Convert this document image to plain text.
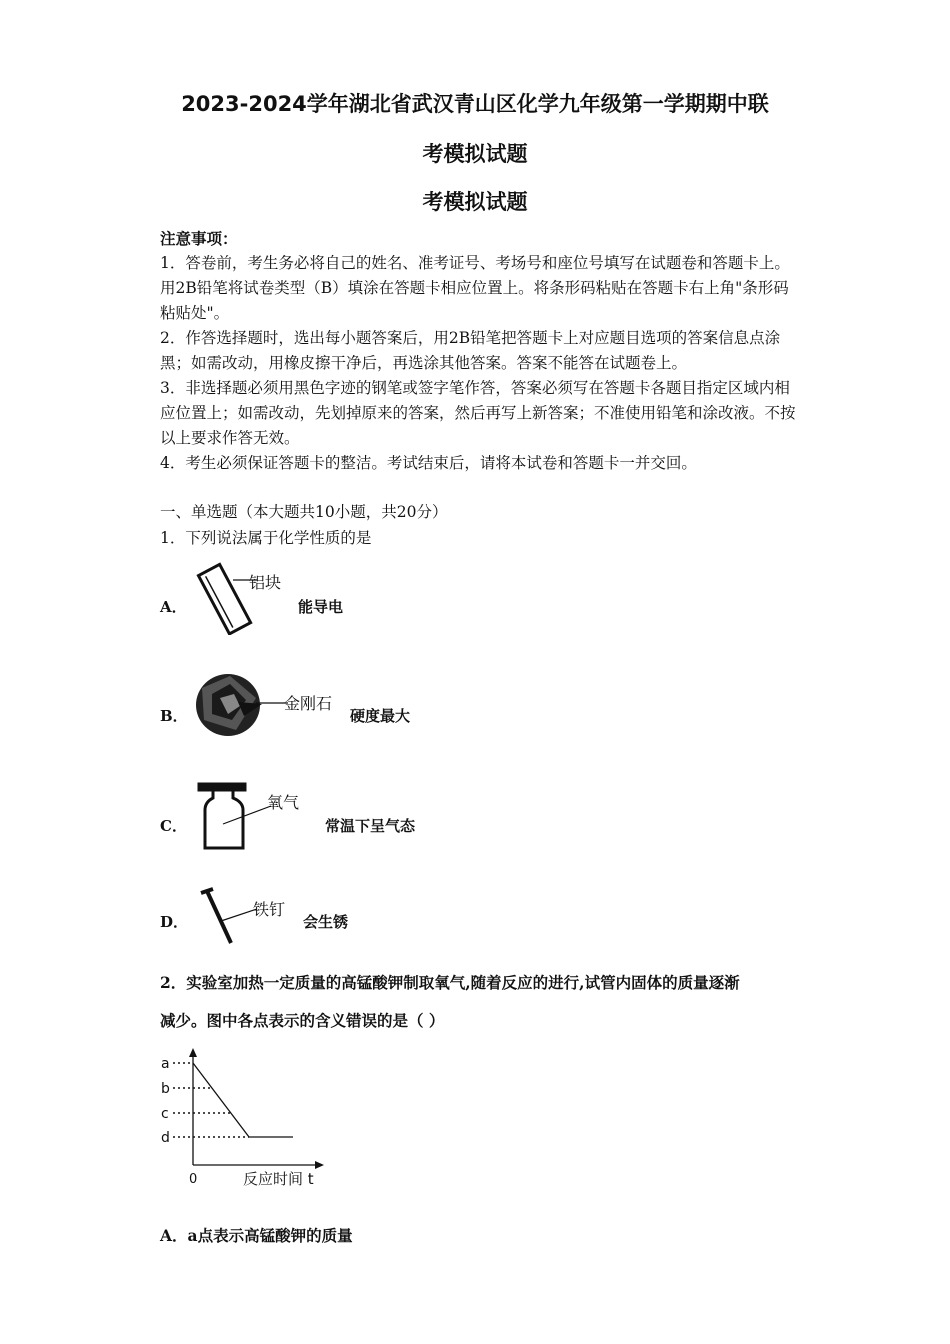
2023-2024学年湖北省武汉青山区化学九年级第一学期期中联
考模拟试题
考模拟试题

注意事项：

1．答卷前，考生务必将自己的姓名、准考证号、考场号和座位号填写在试题卷和答题卡上。用2B铅笔将试卷类型（B）填涂在答题卡相应位置上。将条形码粘贴在答题卡右上角"条形码粘贴处"。

2．作答选择题时，选出每小题答案后，用2B铅笔把答题卡上对应题目选项的答案信息点涂黑；如需改动，用橡皮擦干净后，再选涂其他答案。答案不能答在试题卷上。

3．非选择题必须用黑色字迹的钢笔或签字笔作答，答案必须写在答题卡各题目指定区域内相应位置上；如需改动，先划掉原来的答案，然后再写上新答案；不准使用铅笔和涂改液。不按以上要求作答无效。

4．考生必须保证答题卡的整洁。考试结束后，请将本试卷和答题卡一并交回。

一、单选题（本大题共10小题，共20分）
1．下列说法属于化学性质的是
A．
铝块
能导电
B．
金刚石
硬度最大
C．
氧气
常温下呈气态
D．
铁钉
会生锈

2．实验室加热一定质量的高锰酸钾制取氧气,随着反应的进行,试管内固体的质量逐渐

减少。图中各点表示的含义错误的是（ ）

a
b
c
d
0	反应时间 t
A．a点表示高锰酸钾的质量
